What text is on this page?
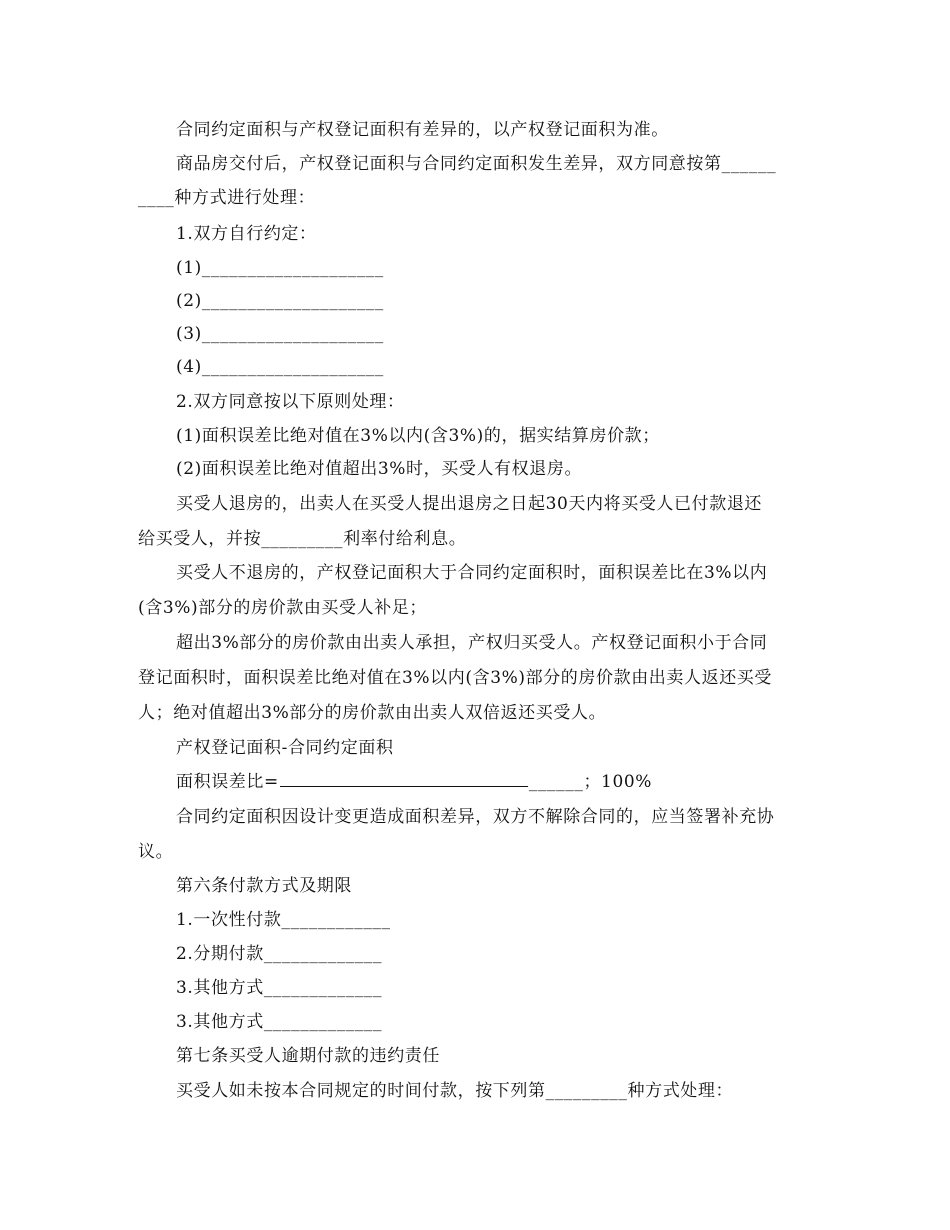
合同约定面积与产权登记面积有差异的，以产权登记面积为准。
商品房交付后，产权登记面积与合同约定面积发生差异，双方同意按第______
____种方式进行处理：
1.双方自行约定：
(1)____________________
(2)____________________
(3)____________________
(4)____________________
2.双方同意按以下原则处理：
(1)面积误差比绝对值在3%以内(含3%)的，据实结算房价款；
(2)面积误差比绝对值超出3%时，买受人有权退房。
买受人退房的，出卖人在买受人提出退房之日起30天内将买受人已付款退还
给买受人，并按_________利率付给利息。
买受人不退房的，产权登记面积大于合同约定面积时，面积误差比在3%以内
(含3%)部分的房价款由买受人补足；
超出3%部分的房价款由出卖人承担，产权归买受人。产权登记面积小于合同
登记面积时，面积误差比绝对值在3%以内(含3%)部分的房价款由出卖人返还买受
人；绝对值超出3%部分的房价款由出卖人双倍返还买受人。
产权登记面积-合同约定面积
面积误差比=	______；100%
合同约定面积因设计变更造成面积差异，双方不解除合同的，应当签署补充协
议。
第六条付款方式及期限
1.一次性付款____________
2.分期付款_____________
3.其他方式_____________
3.其他方式_____________
第七条买受人逾期付款的违约责任
买受人如未按本合同规定的时间付款，按下列第_________种方式处理：
